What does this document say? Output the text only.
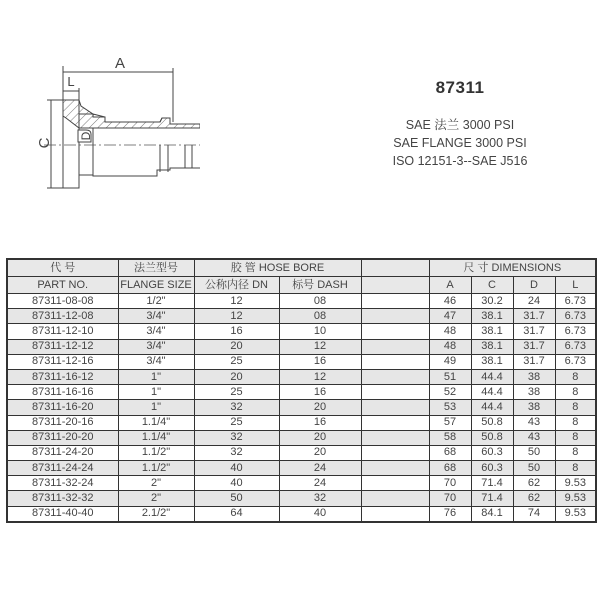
A
L
C
D
87311
SAE 法兰 3000 PSI
SAE FLANGE 3000 PSI
ISO 12151-3--SAE J516
代 号	法兰型号	胶 管 HOSE BORE			尺 寸 DIMENSIONS			
PART NO.	FLANGE SIZE	公称内径 DN	标号 DASH		A	C	D	L
87311-08-08	1/2"	12	08		46	30.2	24	6.73
87311-12-08	3/4"	12	08		47	38.1	31.7	6.73
87311-12-10	3/4"	16	10		48	38.1	31.7	6.73
87311-12-12	3/4"	20	12		48	38.1	31.7	6.73
87311-12-16	3/4"	25	16		49	38.1	31.7	6.73
87311-16-12	1"	20	12		51	44.4	38	8
87311-16-16	1"	25	16		52	44.4	38	8
87311-16-20	1"	32	20		53	44.4	38	8
87311-20-16	1.1/4"	25	16		57	50.8	43	8
87311-20-20	1.1/4"	32	20		58	50.8	43	8
87311-24-20	1.1/2"	32	20		68	60.3	50	8
87311-24-24	1.1/2"	40	24		68	60.3	50	8
87311-32-24	2"	40	24		70	71.4	62	9.53
87311-32-32	2"	50	32		70	71.4	62	9.53
87311-40-40	2.1/2"	64	40		76	84.1	74	9.53
